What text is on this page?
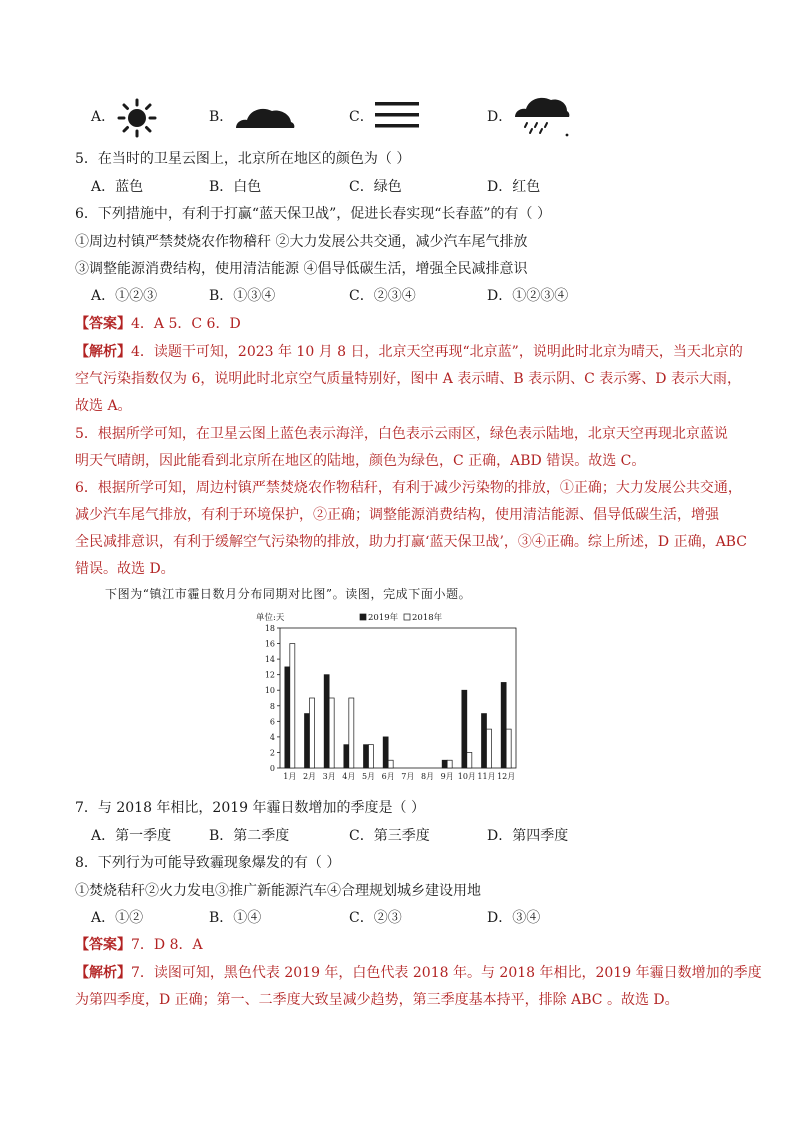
A．	B．	C．	D．
5．在当时的卫星云图上，北京所在地区的颜色为（ ）
A．蓝色	B．白色	C．绿色	D．红色
6．下列措施中，有利于打赢“蓝天保卫战”，促进长春实现“长春蓝”的有（ ）
①周边村镇严禁焚烧农作物稽秆 ②大力发展公共交通，减少汽车尾气排放
③调整能源消费结构，使用清洁能源 ④倡导低碳生活，增强全民减排意识
A．①②③	B．①③④	C．②③④	D．①②③④
【答案】4．A 5．C 6．D
【解析】4．读题干可知，2023 年 10 月 8 日，北京天空再现“北京蓝”，说明此时北京为晴天，当天北京的
空气污染指数仅为 6，说明此时北京空气质量特别好，图中 A 表示晴、B 表示阴、C 表示雾、D 表示大雨，
故选 A。
5．根据所学可知，在卫星云图上蓝色表示海洋，白色表示云雨区，绿色表示陆地，北京天空再现北京蓝说
明天气晴朗，因此能看到北京所在地区的陆地，颜色为绿色，C 正确，ABD 错误。故选 C。
6．根据所学可知，周边村镇严禁焚烧农作物秸秆，有利于减少污染物的排放，①正确；大力发展公共交通，
减少汽车尾气排放，有利于环境保护，②正确；调整能源消费结构，使用清洁能源、倡导低碳生活，增强
全民减排意识，有利于缓解空气污染物的排放，助力打赢‘蓝天保卫战’，③④正确。综上所述，D 正确，ABC
错误。故选 D。
下图为“镇江市霾日数月分布同期对比图”。读图，完成下面小题。
单位:天	2019年 2018年
0
2
4
6
8
10
12
14
16
18
1月 2月 3月 4月 5月 6月 7月 8月 9月 10月 11月 12月
7．与 2018 年相比，2019 年霾日数增加的季度是（ ）
A．第一季度	B．第二季度	C．第三季度	D．第四季度
8．下列行为可能导致霾现象爆发的有（ ）
①焚烧秸秆②火力发电③推广新能源汽车④合理规划城乡建设用地
A．①②	B．①④	C．②③	D．③④
【答案】7．D 8．A
【解析】7．读图可知，黑色代表 2019 年，白色代表 2018 年。与 2018 年相比，2019 年霾日数增加的季度
为第四季度，D 正确；第一、二季度大致呈减少趋势，第三季度基本持平，排除 ABC 。故选 D。
